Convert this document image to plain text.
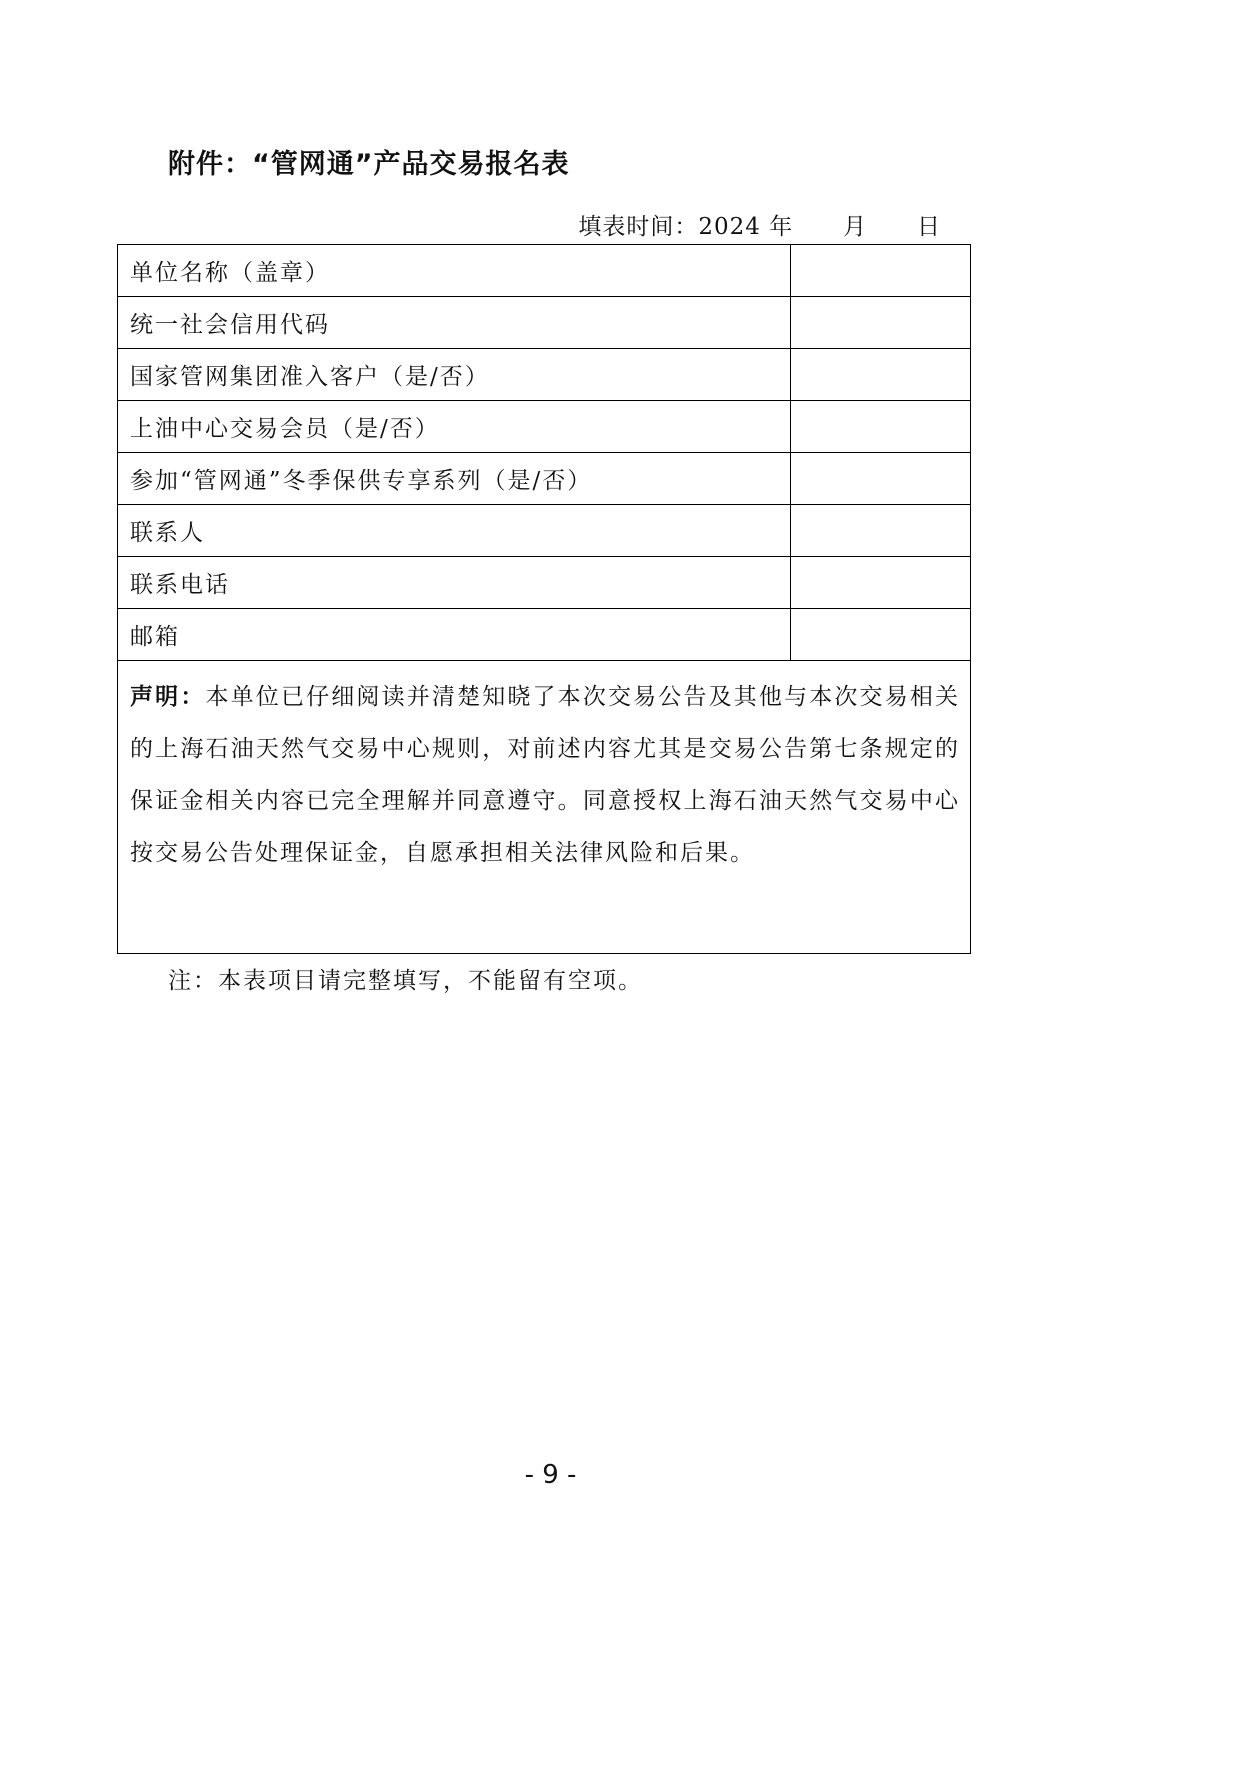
附件：“管网通”产品交易报名表
填表时间：2024 年 月 日
单位名称（盖章）	
统一社会信用代码	
国家管网集团准入客户（是/否）	
上油中心交易会员（是/否）	
参加“管网通”冬季保供专享系列（是/否）	
联系人	
联系电话	
邮箱	
声明：本单位已仔细阅读并清楚知晓了本次交易公告及其他与本次交易相关的上海石油天然气交易中心规则，对前述内容尤其是交易公告第七条规定的保证金相关内容已完全理解并同意遵守。同意授权上海石油天然气交易中心按交易公告处理保证金，自愿承担相关法律风险和后果。	
注：本表项目请完整填写，不能留有空项。
- 9 -
